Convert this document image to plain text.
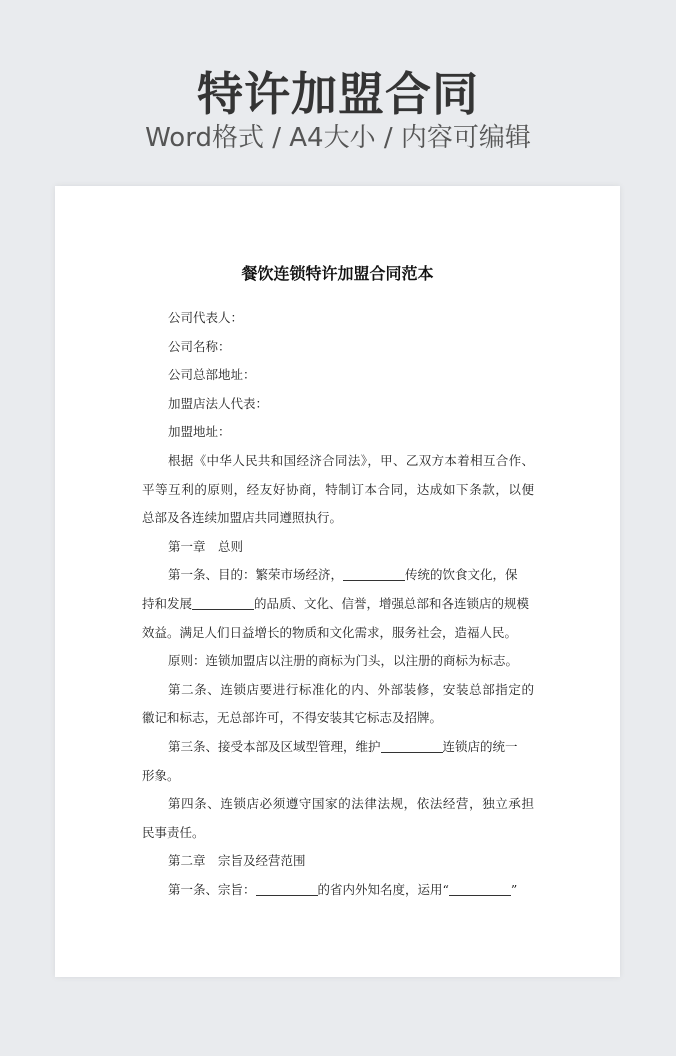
特许加盟合同
Word格式 / A4大小 / 内容可编辑
餐饮连锁特许加盟合同范本
公司代表人：
公司名称：
公司总部地址：
加盟店法人代表：
加盟地址：
根据《中华人民共和国经济合同法》，甲、乙双方本着相互合作、
平等互利的原则，经友好协商，特制订本合同，达成如下条款，以便
总部及各连续加盟店共同遵照执行。
第一章　总则
第一条、目的：繁荣市场经济，	传统的饮食文化，保
持和发展	的品质、文化、信誉，增强总部和各连锁店的规模
效益。满足人们日益增长的物质和文化需求，服务社会，造福人民。
原则：连锁加盟店以注册的商标为门头，以注册的商标为标志。
第二条、连锁店要进行标准化的内、外部装修，安装总部指定的
徽记和标志，无总部许可，不得安装其它标志及招牌。
第三条、接受本部及区域型管理，维护	连锁店的统一
形象。
第四条、连锁店必须遵守国家的法律法规，依法经营，独立承担
民事责任。
第二章　宗旨及经营范围
第一条、宗旨：	的省内外知名度，运用“	”
